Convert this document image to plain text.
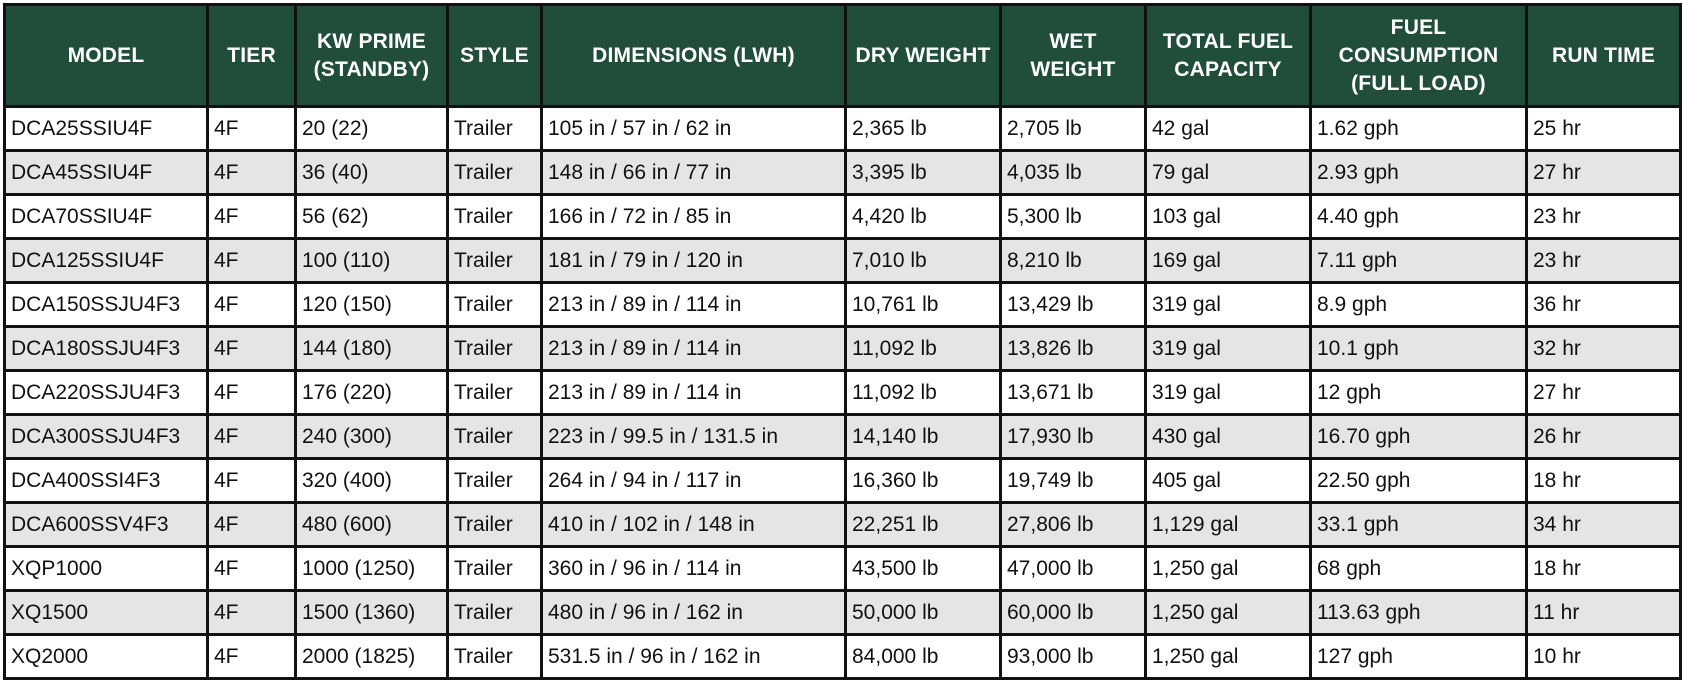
MODEL	TIER	KW PRIME (STANDBY)	STYLE	DIMENSIONS (LWH)	DRY WEIGHT	WET WEIGHT	TOTAL FUEL CAPACITY	FUEL CONSUMPTION (FULL LOAD)	RUN TIME
DCA25SSIU4F	4F	20 (22)	Trailer	105 in / 57 in / 62 in	2,365 lb	2,705 lb	42 gal	1.62 gph	25 hr
DCA45SSIU4F	4F	36 (40)	Trailer	148 in / 66 in / 77 in	3,395 lb	4,035 lb	79 gal	2.93 gph	27 hr
DCA70SSIU4F	4F	56 (62)	Trailer	166 in / 72 in / 85 in	4,420 lb	5,300 lb	103 gal	4.40 gph	23 hr
DCA125SSIU4F	4F	100 (110)	Trailer	181 in / 79 in / 120 in	7,010 lb	8,210 lb	169 gal	7.11 gph	23 hr
DCA150SSJU4F3	4F	120 (150)	Trailer	213 in / 89 in / 114 in	10,761 lb	13,429 lb	319 gal	8.9 gph	36 hr
DCA180SSJU4F3	4F	144 (180)	Trailer	213 in / 89 in / 114 in	11,092 lb	13,826 lb	319 gal	10.1 gph	32 hr
DCA220SSJU4F3	4F	176 (220)	Trailer	213 in / 89 in / 114 in	11,092 lb	13,671 lb	319 gal	12 gph	27 hr
DCA300SSJU4F3	4F	240 (300)	Trailer	223 in / 99.5 in / 131.5 in	14,140 lb	17,930 lb	430 gal	16.70 gph	26 hr
DCA400SSI4F3	4F	320 (400)	Trailer	264 in / 94 in / 117 in	16,360 lb	19,749 lb	405 gal	22.50 gph	18 hr
DCA600SSV4F3	4F	480 (600)	Trailer	410 in / 102 in / 148 in	22,251 lb	27,806 lb	1,129 gal	33.1 gph	34 hr
XQP1000	4F	1000 (1250)	Trailer	360 in / 96 in / 114 in	43,500 lb	47,000 lb	1,250 gal	68 gph	18 hr
XQ1500	4F	1500 (1360)	Trailer	480 in / 96 in / 162 in	50,000 lb	60,000 lb	1,250 gal	113.63 gph	11 hr
XQ2000	4F	2000 (1825)	Trailer	531.5 in / 96 in / 162 in	84,000 lb	93,000 lb	1,250 gal	127 gph	10 hr
